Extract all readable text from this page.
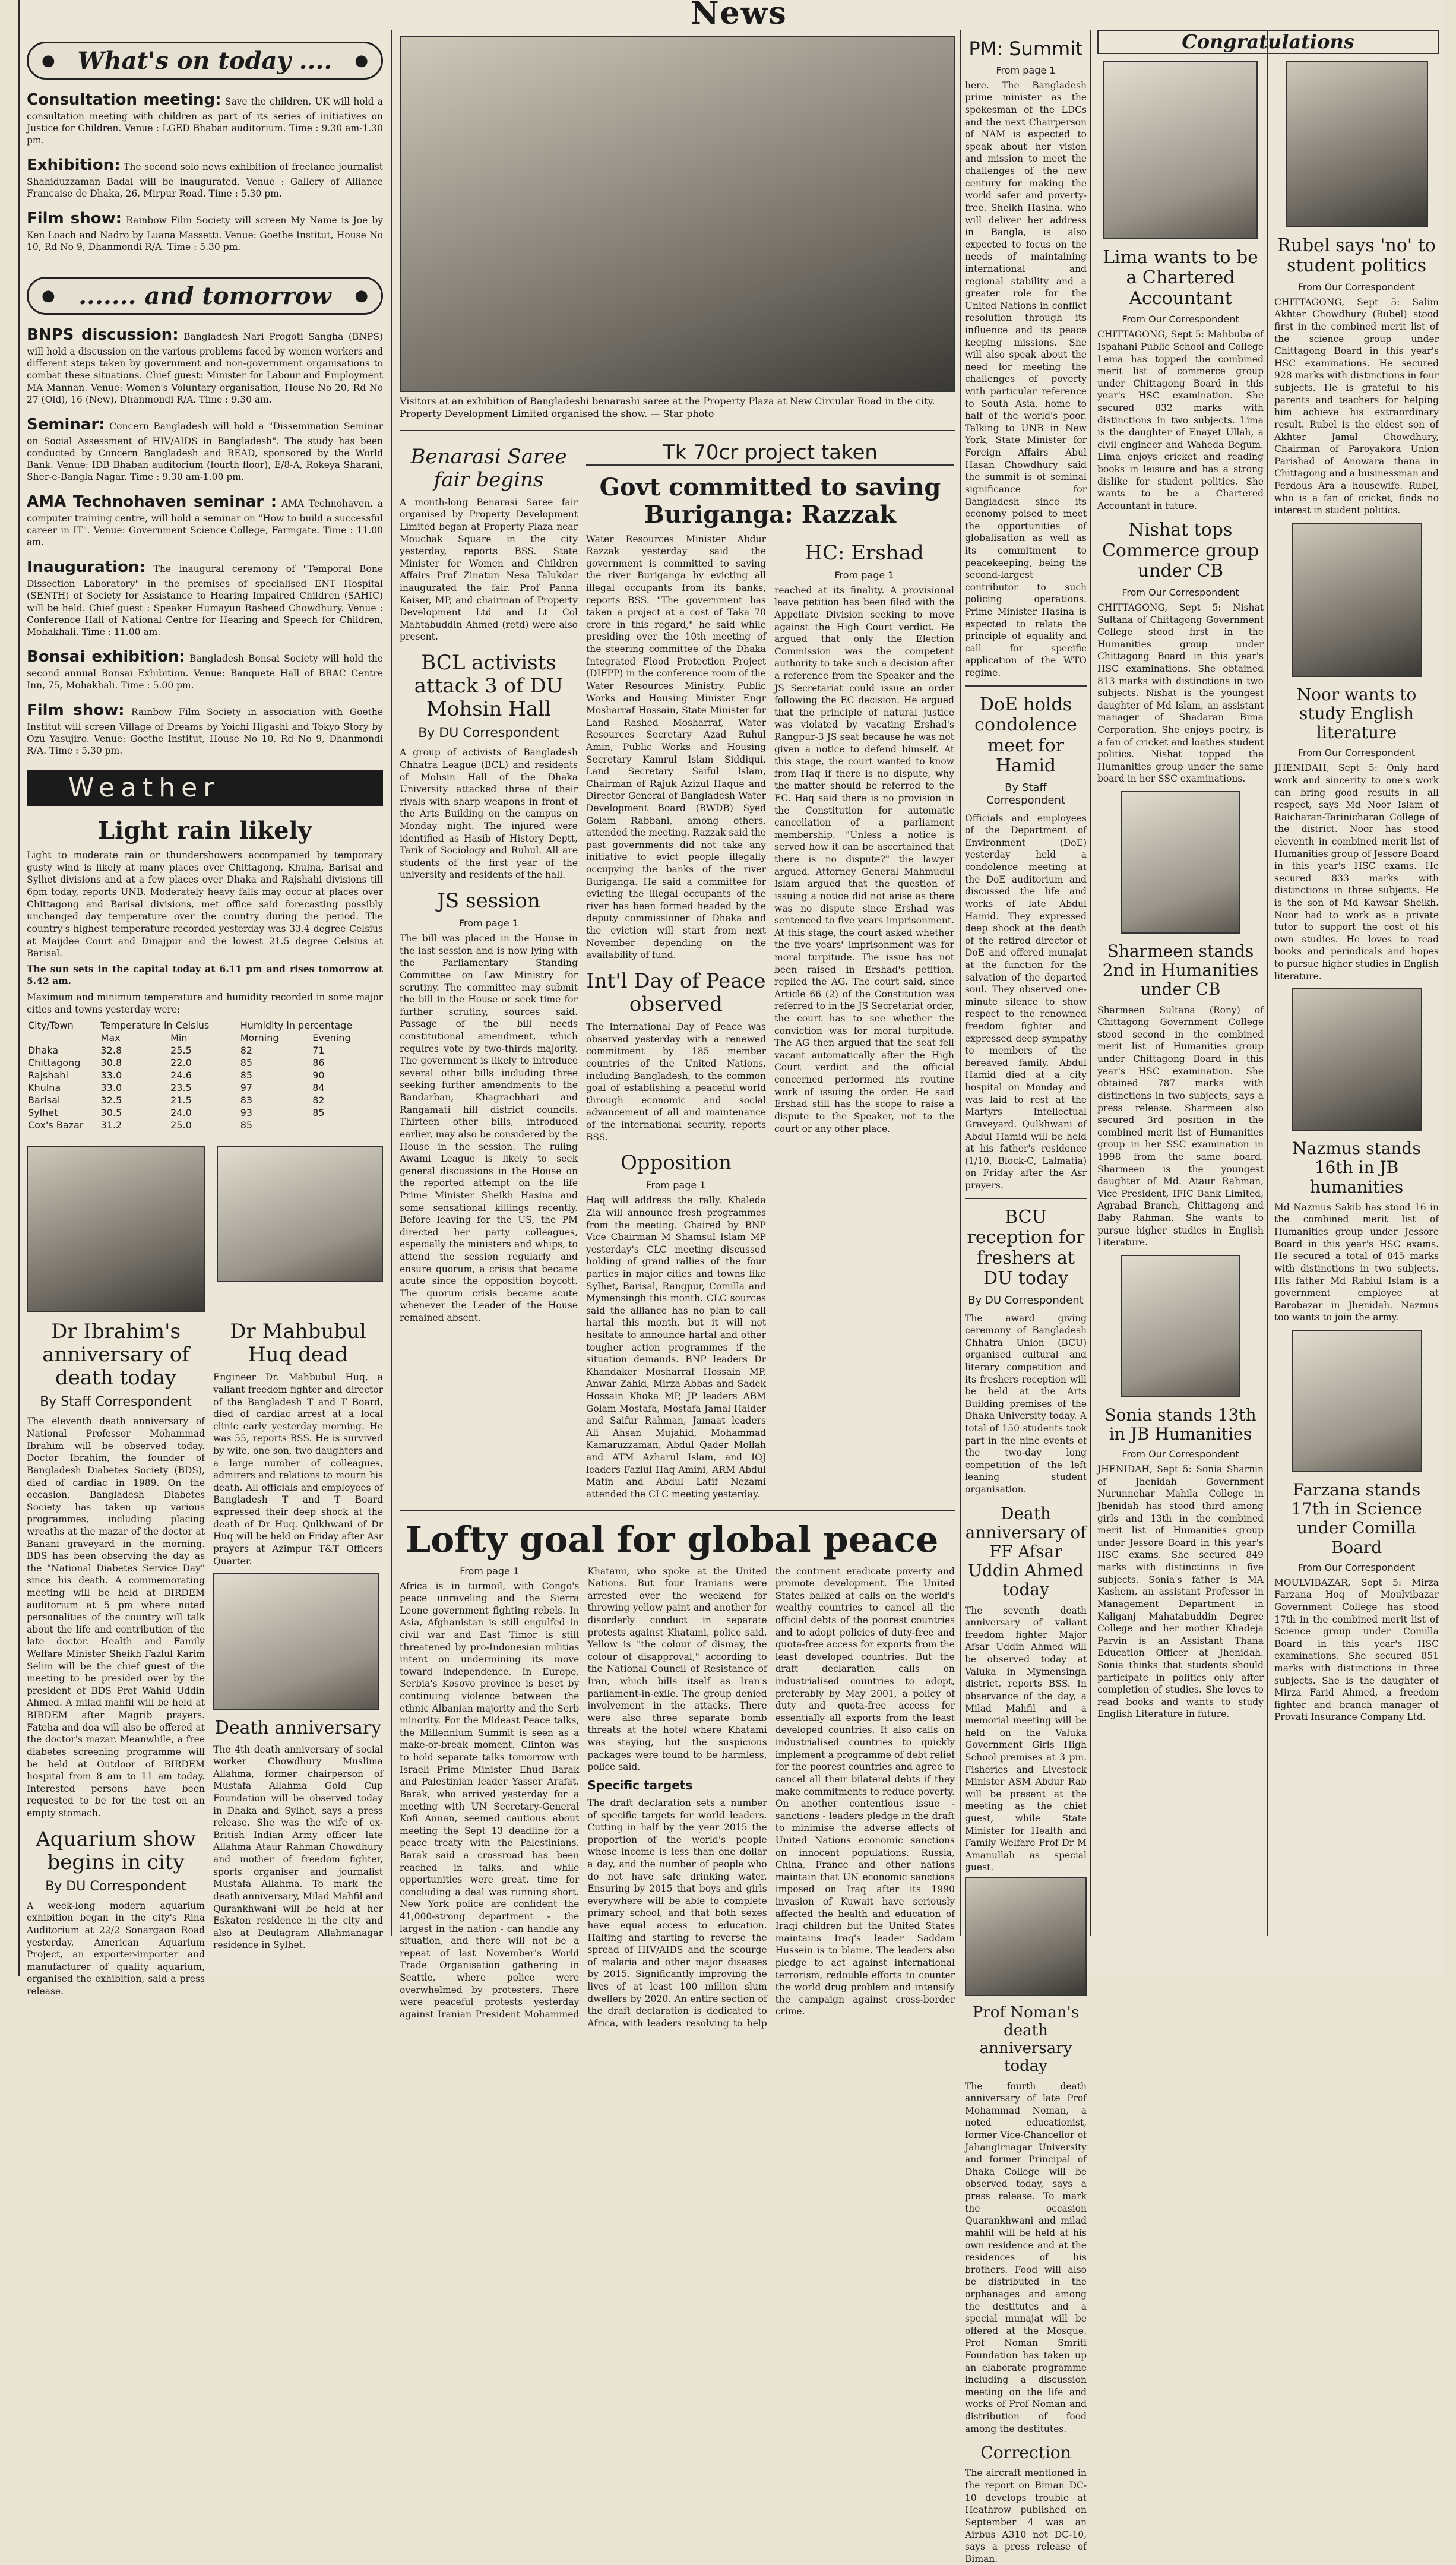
News
● What's on today .... ●

Consultation meeting: Save the children, UK will hold a consultation meeting with children as part of its series of initiatives on Justice for Children. Venue : LGED Bhaban auditorium. Time : 9.30 am-1.30 pm.

Exhibition: The second solo news exhibition of freelance journalist Shahiduzzaman Badal will be inaugurated. Venue : Gallery of Alliance Francaise de Dhaka, 26, Mirpur Road. Time : 5.30 pm.

Film show: Rainbow Film Society will screen My Name is Joe by Ken Loach and Nadro by Luana Massetti. Venue: Goethe Institut, House No 10, Rd No 9, Dhanmondi R/A. Time : 5.30 pm.

● ....... and tomorrow ●

BNPS discussion: Bangladesh Nari Progoti Sangha (BNPS) will hold a discussion on the various problems faced by women workers and different steps taken by government and non-government organisations to combat these situations. Chief guest: Minister for Labour and Employment MA Mannan. Venue: Women's Voluntary organisation, House No 20, Rd No 27 (Old), 16 (New), Dhanmondi R/A. Time : 9.30 am.

Seminar: Concern Bangladesh will hold a "Dissemination Seminar on Social Assessment of HIV/AIDS in Bangladesh". The study has been conducted by Concern Bangladesh and READ, sponsored by the World Bank. Venue: IDB Bhaban auditorium (fourth floor), E/8-A, Rokeya Sharani, Sher-e-Bangla Nagar. Time : 9.30 am-1.00 pm.

AMA Technohaven seminar : AMA Technohaven, a computer training centre, will hold a seminar on "How to build a successful career in IT". Venue: Government Science College, Farmgate. Time : 11.00 am.

Inauguration: The inaugural ceremony of "Temporal Bone Dissection Laboratory" in the premises of specialised ENT Hospital (SENTH) of Society for Assistance to Hearing Impaired Children (SAHIC) will be held. Chief guest : Speaker Humayun Rasheed Chowdhury. Venue : Conference Hall of National Centre for Hearing and Speech for Children, Mohakhali. Time : 11.00 am.

Bonsai exhibition: Bangladesh Bonsai Society will hold the second annual Bonsai Exhibition. Venue: Banquete Hall of BRAC Centre Inn, 75, Mohakhali. Time : 5.00 pm.

Film show: Rainbow Film Society in association with Goethe Institut will screen Village of Dreams by Yoichi Higashi and Tokyo Story by Ozu Yasujiro. Venue: Goethe Institut, House No 10, Rd No 9, Dhanmondi R/A. Time : 5.30 pm.

Weather
Light rain likely

Light to moderate rain or thundershowers accompanied by temporary gusty wind is likely at many places over Chittagong, Khulna, Barisal and Sylhet divisions and at a few places over Dhaka and Rajshahi divisions till 6pm today, reports UNB. Moderately heavy falls may occur at places over Chittagong and Barisal divisions, met office said forecasting possibly unchanged day temperature over the country during the period. The country's highest temperature recorded yesterday was 33.4 degree Celsius at Maijdee Court and Dinajpur and the lowest 21.5 degree Celsius at Barisal.

The sun sets in the capital today at 6.11 pm and rises tomorrow at 5.42 am.

Maximum and minimum temperature and humidity recorded in some major cities and towns yesterday were:

City/Town	Temperature in Celsius		Humidity in percentage	
	Max	Min	Morning	Evening
Dhaka	32.8	25.5	82	71
Chittagong	30.8	22.0	85	86
Rajshahi	33.0	24.6	85	90
Khulna	33.0	23.5	97	84
Barisal	32.5	21.5	83	82
Sylhet	30.5	24.0	93	85
Cox's Bazar	31.2	25.0	85	
Dr Ibrahim's anniversary of death today
By Staff Correspondent

The eleventh death anniversary of National Professor Mohammad Ibrahim will be observed today. Doctor Ibrahim, the founder of Bangladesh Diabetes Society (BDS), died of cardiac in 1989. On the occasion, Bangladesh Diabetes Society has taken up various programmes, including placing wreaths at the mazar of the doctor at Banani graveyard in the morning. BDS has been observing the day as the "National Diabetes Service Day" since his death. A commemorating meeting will be held at BIRDEM auditorium at 5 pm where noted personalities of the country will talk about the life and contribution of the late doctor. Health and Family Welfare Minister Sheikh Fazlul Karim Selim will be the chief guest of the meeting to be presided over by the president of BDS Prof Wahid Uddin Ahmed. A milad mahfil will be held at BIRDEM after Magrib prayers. Fateha and doa will also be offered at the doctor's mazar. Meanwhile, a free diabetes screening programme will be held at Outdoor of BIRDEM hospital from 8 am to 11 am today. Interested persons have been requested to be for the test on an empty stomach.

Aquarium show begins in city
By DU Correspondent

A week-long modern aquarium exhibition began in the city's Rina Auditorium at 22/2 Sonargaon Road yesterday. American Aquarium Project, an exporter-importer and manufacturer of quality aquarium, organised the exhibition, said a press release.

Dr Mahbubul Huq dead

Engineer Dr. Mahbubul Huq, a valiant freedom fighter and director of the Bangladesh T and T Board, died of cardiac arrest at a local clinic early yesterday morning. He was 55, reports BSS. He is survived by wife, one son, two daughters and a large number of colleagues, admirers and relations to mourn his death. All officials and employees of Bangladesh T and T Board expressed their deep shock at the death of Dr Huq. Qulkhwani of Dr Huq will be held on Friday after Asr prayers at Azimpur T&T Officers Quarter.

Death anniversary

The 4th death anniversary of social worker Chowdhury Muslima Allahma, former chairperson of Mustafa Allahma Gold Cup Foundation will be observed today in Dhaka and Sylhet, says a press release. She was the wife of ex-British Indian Army officer late Allahma Ataur Rahman Chowdhury and mother of freedom fighter, sports organiser and journalist Mustafa Allahma. To mark the death anniversary, Milad Mahfil and Qurankhwani will be held at her Eskaton residence in the city and also at Deulagram Allahmanagar residence in Sylhet.

Visitors at an exhibition of Bangladeshi benarashi saree at the Property Plaza at New Circular Road in the city. Property Development Limited organised the show. — Star photo

Benarasi Saree fair begins

A month-long Benarasi Saree fair organised by Property Development Limited began at Property Plaza near Mouchak Square in the city yesterday, reports BSS. State Minister for Women and Children Affairs Prof Zinatun Nesa Talukdar inaugurated the fair. Prof Panna Kaiser, MP, and chairman of Property Development Ltd and Lt Col Mahtabuddin Ahmed (retd) were also present.

BCL activists attack 3 of DU Mohsin Hall
By DU Correspondent

A group of activists of Bangladesh Chhatra League (BCL) and residents of Mohsin Hall of the Dhaka University attacked three of their rivals with sharp weapons in front of the Arts Building on the campus on Monday night. The injured were identified as Hasib of History Deptt, Tarik of Sociology and Ruhul. All are students of the first year of the university and residents of the hall.

JS session
From page 1

The bill was placed in the House in the last session and is now lying with the Parliamentary Standing Committee on Law Ministry for scrutiny. The committee may submit the bill in the House or seek time for further scrutiny, sources said. Passage of the bill needs constitutional amendment, which requires vote by two-thirds majority. The government is likely to introduce several other bills including three seeking further amendments to the Bandarban, Khagrachhari and Rangamati hill district councils. Thirteen other bills, introduced earlier, may also be considered by the House in the session. The ruling Awami League is likely to seek general discussions in the House on the reported attempt on the life Prime Minister Sheikh Hasina and some sensational killings recently. Before leaving for the US, the PM directed her party colleagues, especially the ministers and whips, to attend the session regularly and ensure quorum, a crisis that became acute since the opposition boycott. The quorum crisis became acute whenever the Leader of the House remained absent.

Tk 70cr project taken
Govt committed to saving Buriganga: Razzak

Water Resources Minister Abdur Razzak yesterday said the government is committed to saving the river Buriganga by evicting all illegal occupants from its banks, reports BSS. "The government has taken a project at a cost of Taka 70 crore in this regard," he said while presiding over the 10th meeting of the steering committee of the Dhaka Integrated Flood Protection Project (DIFPP) in the conference room of the Water Resources Ministry. Public Works and Housing Minister Engr Mosharraf Hossain, State Minister for Land Rashed Mosharraf, Water Resources Secretary Azad Ruhul Amin, Public Works and Housing Secretary Kamrul Islam Siddiqui, Land Secretary Saiful Islam, Chairman of Rajuk Azizul Haque and Director General of Bangladesh Water Development Board (BWDB) Syed Golam Rabbani, among others, attended the meeting. Razzak said the past governments did not take any initiative to evict people illegally occupying the banks of the river Buriganga. He said a committee for evicting the illegal occupants of the river has been formed headed by the deputy commissioner of Dhaka and the eviction will start from next November depending on the availability of fund.

Int'l Day of Peace observed

The International Day of Peace was observed yesterday with a renewed commitment by 185 member countries of the United Nations, including Bangladesh, to the common goal of establishing a peaceful world through economic and social advancement of all and maintenance of the international security, reports BSS.

Opposition
From page 1

Haq will address the rally. Khaleda Zia will announce fresh programmes from the meeting. Chaired by BNP Vice Chairman M Shamsul Islam MP yesterday's CLC meeting discussed holding of grand rallies of the four parties in major cities and towns like Sylhet, Barisal, Rangpur, Comilla and Mymensingh this month. CLC sources said the alliance has no plan to call hartal this month, but it will not hesitate to announce hartal and other tougher action programmes if the situation demands. BNP leaders Dr Khandaker Mosharraf Hossain MP, Anwar Zahid, Mirza Abbas and Sadek Hossain Khoka MP, JP leaders ABM Golam Mostafa, Mostafa Jamal Haider and Saifur Rahman, Jamaat leaders Ali Ahsan Mujahid, Mohammad Kamaruzzaman, Abdul Qader Mollah and ATM Azharul Islam, and IOJ leaders Fazlul Haq Amini, ARM Abdul Matin and Abdul Latif Nezami attended the CLC meeting yesterday.

HC: Ershad
From page 1

reached at its finality. A provisional leave petition has been filed with the Appellate Division seeking to move against the High Court verdict. He argued that only the Election Commission was the competent authority to take such a decision after a reference from the Speaker and the JS Secretariat could issue an order following the EC decision. He argued that the principle of natural justice was violated by vacating Ershad's Rangpur-3 JS seat because he was not given a notice to defend himself. At this stage, the court wanted to know from Haq if there is no dispute, why the matter should be referred to the EC. Haq said there is no provision in the Constitution for automatic cancellation of a parliament membership. "Unless a notice is served how it can be ascertained that there is no dispute?" the lawyer argued. Attorney General Mahmudul Islam argued that the question of issuing a notice did not arise as there was no dispute since Ershad was sentenced to five years imprisonment. At this stage, the court asked whether the five years' imprisonment was for moral turpitude. The issue has not been raised in Ershad's petition, replied the AG. The court said, since Article 66 (2) of the Constitution was referred to in the JS Secretariat order, the court has to see whether the conviction was for moral turpitude. The AG then argued that the seat fell vacant automatically after the High Court verdict and the official concerned performed his routine work of issuing the order. He said Ershad still has the scope to raise a dispute to the Speaker, not to the court or any other place.

Lofty goal for global peace
From page 1

Africa is in turmoil, with Congo's peace unraveling and the Sierra Leone government fighting rebels. In Asia, Afghanistan is still engulfed in civil war and East Timor is still threatened by pro-Indonesian militias intent on undermining its move toward independence. In Europe, Serbia's Kosovo province is beset by continuing violence between the ethnic Albanian majority and the Serb minority. For the Mideast Peace talks, the Millennium Summit is seen as a make-or-break moment. Clinton was to hold separate talks tomorrow with Israeli Prime Minister Ehud Barak and Palestinian leader Yasser Arafat. Barak, who arrived yesterday for a meeting with UN Secretary-General Kofi Annan, seemed cautious about meeting the Sept 13 deadline for a peace treaty with the Palestinians. Barak said a crossroad has been reached in talks, and while opportunities were great, time for concluding a deal was running short. New York police are confident the 41,000-strong department - the largest in the nation - can handle any situation, and there will not be a repeat of last November's World Trade Organisation gathering in Seattle, where police were overwhelmed by protesters. There were peaceful protests yesterday against Iranian President Mohammed Khatami, who spoke at the United Nations. But four Iranians were arrested over the weekend for throwing yellow paint and another for disorderly conduct in separate protests against Khatami, police said. Yellow is "the colour of dismay, the colour of disapproval," according to the National Council of Resistance of Iran, which bills itself as Iran's parliament-in-exile. The group denied involvement in the attacks. There were also three separate bomb threats at the hotel where Khatami was staying, but the suspicious packages were found to be harmless, police said.

Specific targets

The draft declaration sets a number of specific targets for world leaders. Cutting in half by the year 2015 the proportion of the world's people whose income is less than one dollar a day, and the number of people who do not have safe drinking water. Ensuring by 2015 that boys and girls everywhere will be able to complete primary school, and that both sexes have equal access to education. Halting and starting to reverse the spread of HIV/AIDS and the scourge of malaria and other major diseases by 2015. Significantly improving the lives of at least 100 million slum dwellers by 2020. An entire section of the draft declaration is dedicated to Africa, with leaders resolving to help the continent eradicate poverty and promote development. The United States balked at calls on the world's wealthy countries to cancel all the official debts of the poorest countries and to adopt policies of duty-free and quota-free access for exports from the least developed countries. But the draft declaration calls on industrialised countries to adopt, preferably by May 2001, a policy of duty and quota-free access for essentially all exports from the least developed countries. It also calls on industrialised countries to quickly implement a programme of debt relief for the poorest countries and agree to cancel all their bilateral debts if they make commitments to reduce poverty. On another contentious issue - sanctions - leaders pledge in the draft to minimise the adverse effects of United Nations economic sanctions on innocent populations. Russia, China, France and other nations maintain that UN economic sanctions imposed on Iraq after its 1990 invasion of Kuwait have seriously affected the health and education of Iraqi children but the United States maintains Iraq's leader Saddam Hussein is to blame. The leaders also pledge to act against international terrorism, redouble efforts to counter the world drug problem and intensify the campaign against cross-border crime.

PM: Summit
From page 1

here. The Bangladesh prime minister as the spokesman of the LDCs and the next Chairperson of NAM is expected to speak about her vision and mission to meet the challenges of the new century for making the world safer and poverty-free. Sheikh Hasina, who will deliver her address in Bangla, is also expected to focus on the needs of maintaining international and regional stability and a greater role for the United Nations in conflict resolution through its influence and its peace keeping missions. She will also speak about the need for meeting the challenges of poverty with particular reference to South Asia, home to half of the world's poor. Talking to UNB in New York, State Minister for Foreign Affairs Abul Hasan Chowdhury said the summit is of seminal significance for Bangladesh since its economy poised to meet the opportunities of globalisation as well as its commitment to peacekeeping, being the second-largest contributor to such policing operations. Prime Minister Hasina is expected to relate the principle of equality and call for specific application of the WTO regime.

DoE holds condolence meet for Hamid
By Staff Correspondent

Officials and employees of the Department of Environment (DoE) yesterday held a condolence meeting at the DoE auditorium and discussed the life and works of late Abdul Hamid. They expressed deep shock at the death of the retired director of DoE and offered munajat at the function for the salvation of the departed soul. They observed one-minute silence to show respect to the renowned freedom fighter and expressed deep sympathy to members of the bereaved family. Abdul Hamid died at a city hospital on Monday and was laid to rest at the Martyrs Intellectual Graveyard. Qulkhwani of Abdul Hamid will be held at his father's residence (1/10, Block-C, Lalmatia) on Friday after the Asr prayers.

BCU reception for freshers at DU today
By DU Correspondent

The award giving ceremony of Bangladesh Chhatra Union (BCU) organised cultural and literary competition and its freshers reception will be held at the Arts Building premises of the Dhaka University today. A total of 150 students took part in the nine events of the two-day long competition of the left leaning student organisation.

Death anniversary of FF Afsar Uddin Ahmed today

The seventh death anniversary of valiant freedom fighter Major Afsar Uddin Ahmed will be observed today at Valuka in Mymensingh district, reports BSS. In observance of the day, a Milad Mahfil and a memorial meeting will be held on the Valuka Government Girls High School premises at 3 pm. Fisheries and Livestock Minister ASM Abdur Rab will be present at the meeting as the chief guest, while State Minister for Health and Family Welfare Prof Dr M Amanullah as special guest.

Prof Noman's death anniversary today

The fourth death anniversary of late Prof Mohammad Noman, a noted educationist, former Vice-Chancellor of Jahangirnagar University and former Principal of Dhaka College will be observed today, says a press release. To mark the occasion Quarankhwani and milad mahfil will be held at his own residence and at the residences of his brothers. Food will also be distributed in the orphanages and among the destitutes and a special munajat will be offered at the Mosque. Prof Noman Smriti Foundation has taken up an elaborate programme including a discussion meeting on the life and works of Prof Noman and distribution of food among the destitutes.

Correction

The aircraft mentioned in the report on Biman DC-10 develops trouble at Heathrow published on September 4 was an Airbus A310 not DC-10, says a press release of Biman.

Congratulations
Lima wants to be a Chartered Accountant
From Our Correspondent

CHITTAGONG, Sept 5: Mahbuba of Ispahani Public School and College Lema has topped the combined merit list of commerce group under Chittagong Board in this year's HSC examination. She secured 832 marks with distinctions in two subjects. Lima is the daughter of Enayet Ullah, a civil engineer and Waheda Begum. Lima enjoys cricket and reading books in leisure and has a strong dislike for student politics. She wants to be a Chartered Accountant in future.

Nishat tops Commerce group under CB
From Our Correspondent

CHITTAGONG, Sept 5: Nishat Sultana of Chittagong Government College stood first in the Humanities group under Chittagong Board in this year's HSC examinations. She obtained 813 marks with distinctions in two subjects. Nishat is the youngest daughter of Md Islam, an assistant manager of Shadaran Bima Corporation. She enjoys poetry, is a fan of cricket and loathes student politics. Nishat topped the Humanities group under the same board in her SSC examinations.

Sharmeen stands 2nd in Humanities under CB

Sharmeen Sultana (Rony) of Chittagong Government College stood second in the combined merit list of Humanities group under Chittagong Board in this year's HSC examination. She obtained 787 marks with distinctions in two subjects, says a press release. Sharmeen also secured 3rd position in the combined merit list of Humanities group in her SSC examination in 1998 from the same board. Sharmeen is the youngest daughter of Md. Ataur Rahman, Vice President, IFIC Bank Limited, Agrabad Branch, Chittagong and Baby Rahman. She wants to pursue higher studies in English Literature.

Sonia stands 13th in JB Humanities
From Our Correspondent

JHENIDAH, Sept 5: Sonia Sharnin of Jhenidah Government Nurunnehar Mahila College in Jhenidah has stood third among girls and 13th in the combined merit list of Humanities group under Jessore Board in this year's HSC exams. She secured 849 marks with distinctions in five subjects. Sonia's father is MA Kashem, an assistant Professor in Management Department in Kaliganj Mahatabuddin Degree College and her mother Khadeja Parvin is an Assistant Thana Education Officer at Jhenidah. Sonia thinks that students should participate in politics only after completion of studies. She loves to read books and wants to study English Literature in future.

Rubel says 'no' to student politics
From Our Correspondent

CHITTAGONG, Sept 5: Salim Akhter Chowdhury (Rubel) stood first in the combined merit list of the science group under Chittagong Board in this year's HSC examinations. He secured 928 marks with distinctions in four subjects. He is grateful to his parents and teachers for helping him achieve his extraordinary result. Rubel is the eldest son of Akhter Jamal Chowdhury, Chairman of Paroyakora Union Parishad of Anowara thana in Chittagong and a businessman and Ferdous Ara a housewife. Rubel, who is a fan of cricket, finds no interest in student politics.

Noor wants to study English literature
From Our Correspondent

JHENIDAH, Sept 5: Only hard work and sincerity to one's work can bring good results in all respect, says Md Noor Islam of Raicharan-Tarinicharan College of the district. Noor has stood eleventh in combined merit list of Humanities group of Jessore Board in this year's HSC exams. He secured 833 marks with distinctions in three subjects. He is the son of Md Kawsar Sheikh. Noor had to work as a private tutor to support the cost of his own studies. He loves to read books and periodicals and hopes to pursue higher studies in English literature.

Nazmus stands 16th in JB humanities

Md Nazmus Sakib has stood 16 in the combined merit list of Humanities group under Jessore Board in this year's HSC exams. He secured a total of 845 marks with distinctions in two subjects. His father Md Rabiul Islam is a government employee at Barobazar in Jhenidah. Nazmus too wants to join the army.

Farzana stands 17th in Science under Comilla Board
From Our Correspondent

MOULVIBAZAR, Sept 5: Mirza Farzana Hoq of Moulvibazar Government College has stood 17th in the combined merit list of Science group under Comilla Board in this year's HSC examinations. She secured 851 marks with distinctions in three subjects. She is the daughter of Mirza Farid Ahmed, a freedom fighter and branch manager of Provati Insurance Company Ltd.
